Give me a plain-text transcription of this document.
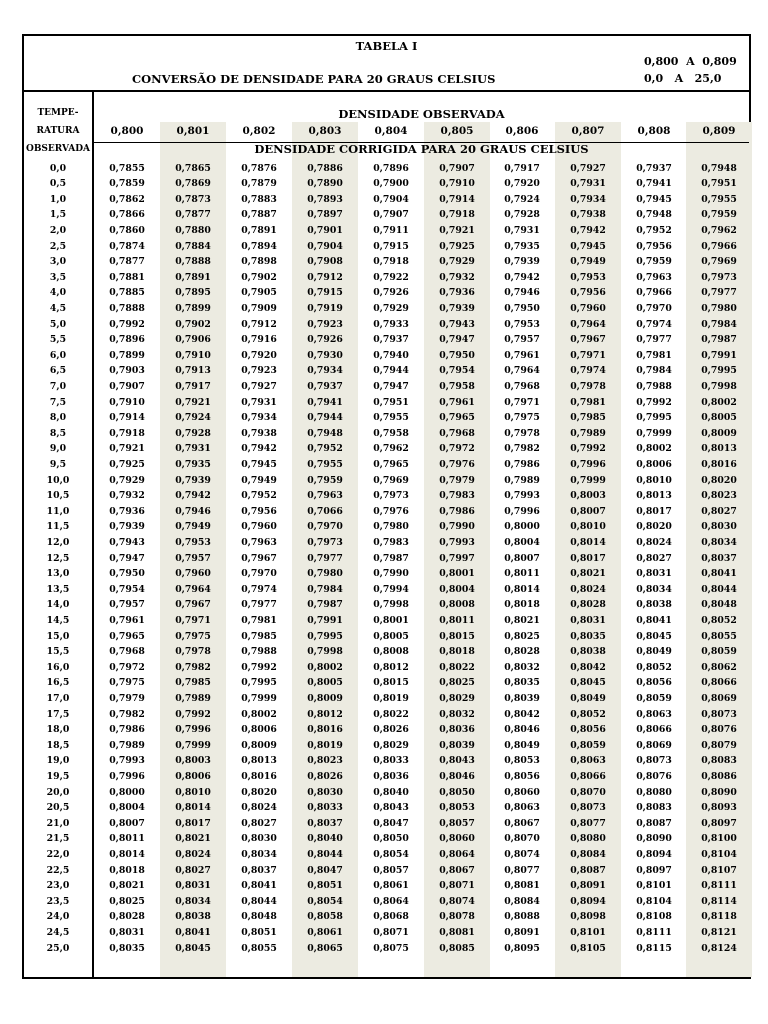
TABELA I
CONVERSÃO DE DENSIDADE PARA 20 GRAUS CELSIUS
0,800  A  0,809
0,0   A   25,0
TEMPE-
RATURA
OBSERVADA
DENSIDADE OBSERVADA
0,800	0,801	0,802	0,803	0,804	0,805	0,806	0,807	0,808	0,809
DENSIDADE CORRIGIDA PARA 20 GRAUS CELSIUS
0,0	0,7855	0,7865	0,7876	0,7886	0,7896	0,7907	0,7917	0,7927	0,7937	0,7948
0,5	0,7859	0,7869	0,7879	0,7890	0,7900	0,7910	0,7920	0,7931	0,7941	0,7951
1,0	0,7862	0,7873	0,7883	0,7893	0,7904	0,7914	0,7924	0,7934	0,7945	0,7955
1,5	0,7866	0,7877	0,7887	0,7897	0,7907	0,7918	0,7928	0,7938	0,7948	0,7959
2,0	0,7860	0,7880	0,7891	0,7901	0,7911	0,7921	0,7931	0,7942	0,7952	0,7962
2,5	0,7874	0,7884	0,7894	0,7904	0,7915	0,7925	0,7935	0,7945	0,7956	0,7966
3,0	0,7877	0,7888	0,7898	0,7908	0,7918	0,7929	0,7939	0,7949	0,7959	0,7969
3,5	0,7881	0,7891	0,7902	0,7912	0,7922	0,7932	0,7942	0,7953	0,7963	0,7973
4,0	0,7885	0,7895	0,7905	0,7915	0,7926	0,7936	0,7946	0,7956	0,7966	0,7977
4,5	0,7888	0,7899	0,7909	0,7919	0,7929	0,7939	0,7950	0,7960	0,7970	0,7980
5,0	0,7992	0,7902	0,7912	0,7923	0,7933	0,7943	0,7953	0,7964	0,7974	0,7984
5,5	0,7896	0,7906	0,7916	0,7926	0,7937	0,7947	0,7957	0,7967	0,7977	0,7987
6,0	0,7899	0,7910	0,7920	0,7930	0,7940	0,7950	0,7961	0,7971	0,7981	0,7991
6,5	0,7903	0,7913	0,7923	0,7934	0,7944	0,7954	0,7964	0,7974	0,7984	0,7995
7,0	0,7907	0,7917	0,7927	0,7937	0,7947	0,7958	0,7968	0,7978	0,7988	0,7998
7,5	0,7910	0,7921	0,7931	0,7941	0,7951	0,7961	0,7971	0,7981	0,7992	0,8002
8,0	0,7914	0,7924	0,7934	0,7944	0,7955	0,7965	0,7975	0,7985	0,7995	0,8005
8,5	0,7918	0,7928	0,7938	0,7948	0,7958	0,7968	0,7978	0,7989	0,7999	0,8009
9,0	0,7921	0,7931	0,7942	0,7952	0,7962	0,7972	0,7982	0,7992	0,8002	0,8013
9,5	0,7925	0,7935	0,7945	0,7955	0,7965	0,7976	0,7986	0,7996	0,8006	0,8016
10,0	0,7929	0,7939	0,7949	0,7959	0,7969	0,7979	0,7989	0,7999	0,8010	0,8020
10,5	0,7932	0,7942	0,7952	0,7963	0,7973	0,7983	0,7993	0,8003	0,8013	0,8023
11,0	0,7936	0,7946	0,7956	0,7066	0,7976	0,7986	0,7996	0,8007	0,8017	0,8027
11,5	0,7939	0,7949	0,7960	0,7970	0,7980	0,7990	0,8000	0,8010	0,8020	0,8030
12,0	0,7943	0,7953	0,7963	0,7973	0,7983	0,7993	0,8004	0,8014	0,8024	0,8034
12,5	0,7947	0,7957	0,7967	0,7977	0,7987	0,7997	0,8007	0,8017	0,8027	0,8037
13,0	0,7950	0,7960	0,7970	0,7980	0,7990	0,8001	0,8011	0,8021	0,8031	0,8041
13,5	0,7954	0,7964	0,7974	0,7984	0,7994	0,8004	0,8014	0,8024	0,8034	0,8044
14,0	0,7957	0,7967	0,7977	0,7987	0,7998	0,8008	0,8018	0,8028	0,8038	0,8048
14,5	0,7961	0,7971	0,7981	0,7991	0,8001	0,8011	0,8021	0,8031	0,8041	0,8052
15,0	0,7965	0,7975	0,7985	0,7995	0,8005	0,8015	0,8025	0,8035	0,8045	0,8055
15,5	0,7968	0,7978	0,7988	0,7998	0,8008	0,8018	0,8028	0,8038	0,8049	0,8059
16,0	0,7972	0,7982	0,7992	0,8002	0,8012	0,8022	0,8032	0,8042	0,8052	0,8062
16,5	0,7975	0,7985	0,7995	0,8005	0,8015	0,8025	0,8035	0,8045	0,8056	0,8066
17,0	0,7979	0,7989	0,7999	0,8009	0,8019	0,8029	0,8039	0,8049	0,8059	0,8069
17,5	0,7982	0,7992	0,8002	0,8012	0,8022	0,8032	0,8042	0,8052	0,8063	0,8073
18,0	0,7986	0,7996	0,8006	0,8016	0,8026	0,8036	0,8046	0,8056	0,8066	0,8076
18,5	0,7989	0,7999	0,8009	0,8019	0,8029	0,8039	0,8049	0,8059	0,8069	0,8079
19,0	0,7993	0,8003	0,8013	0,8023	0,8033	0,8043	0,8053	0,8063	0,8073	0,8083
19,5	0,7996	0,8006	0,8016	0,8026	0,8036	0,8046	0,8056	0,8066	0,8076	0,8086
20,0	0,8000	0,8010	0,8020	0,8030	0,8040	0,8050	0,8060	0,8070	0,8080	0,8090
20,5	0,8004	0,8014	0,8024	0,8033	0,8043	0,8053	0,8063	0,8073	0,8083	0,8093
21,0	0,8007	0,8017	0,8027	0,8037	0,8047	0,8057	0,8067	0,8077	0,8087	0,8097
21,5	0,8011	0,8021	0,8030	0,8040	0,8050	0,8060	0,8070	0,8080	0,8090	0,8100
22,0	0,8014	0,8024	0,8034	0,8044	0,8054	0,8064	0,8074	0,8084	0,8094	0,8104
22,5	0,8018	0,8027	0,8037	0,8047	0,8057	0,8067	0,8077	0,8087	0,8097	0,8107
23,0	0,8021	0,8031	0,8041	0,8051	0,8061	0,8071	0,8081	0,8091	0,8101	0,8111
23,5	0,8025	0,8034	0,8044	0,8054	0,8064	0,8074	0,8084	0,8094	0,8104	0,8114
24,0	0,8028	0,8038	0,8048	0,8058	0,8068	0,8078	0,8088	0,8098	0,8108	0,8118
24,5	0,8031	0,8041	0,8051	0,8061	0,8071	0,8081	0,8091	0,8101	0,8111	0,8121
25,0	0,8035	0,8045	0,8055	0,8065	0,8075	0,8085	0,8095	0,8105	0,8115	0,8124
